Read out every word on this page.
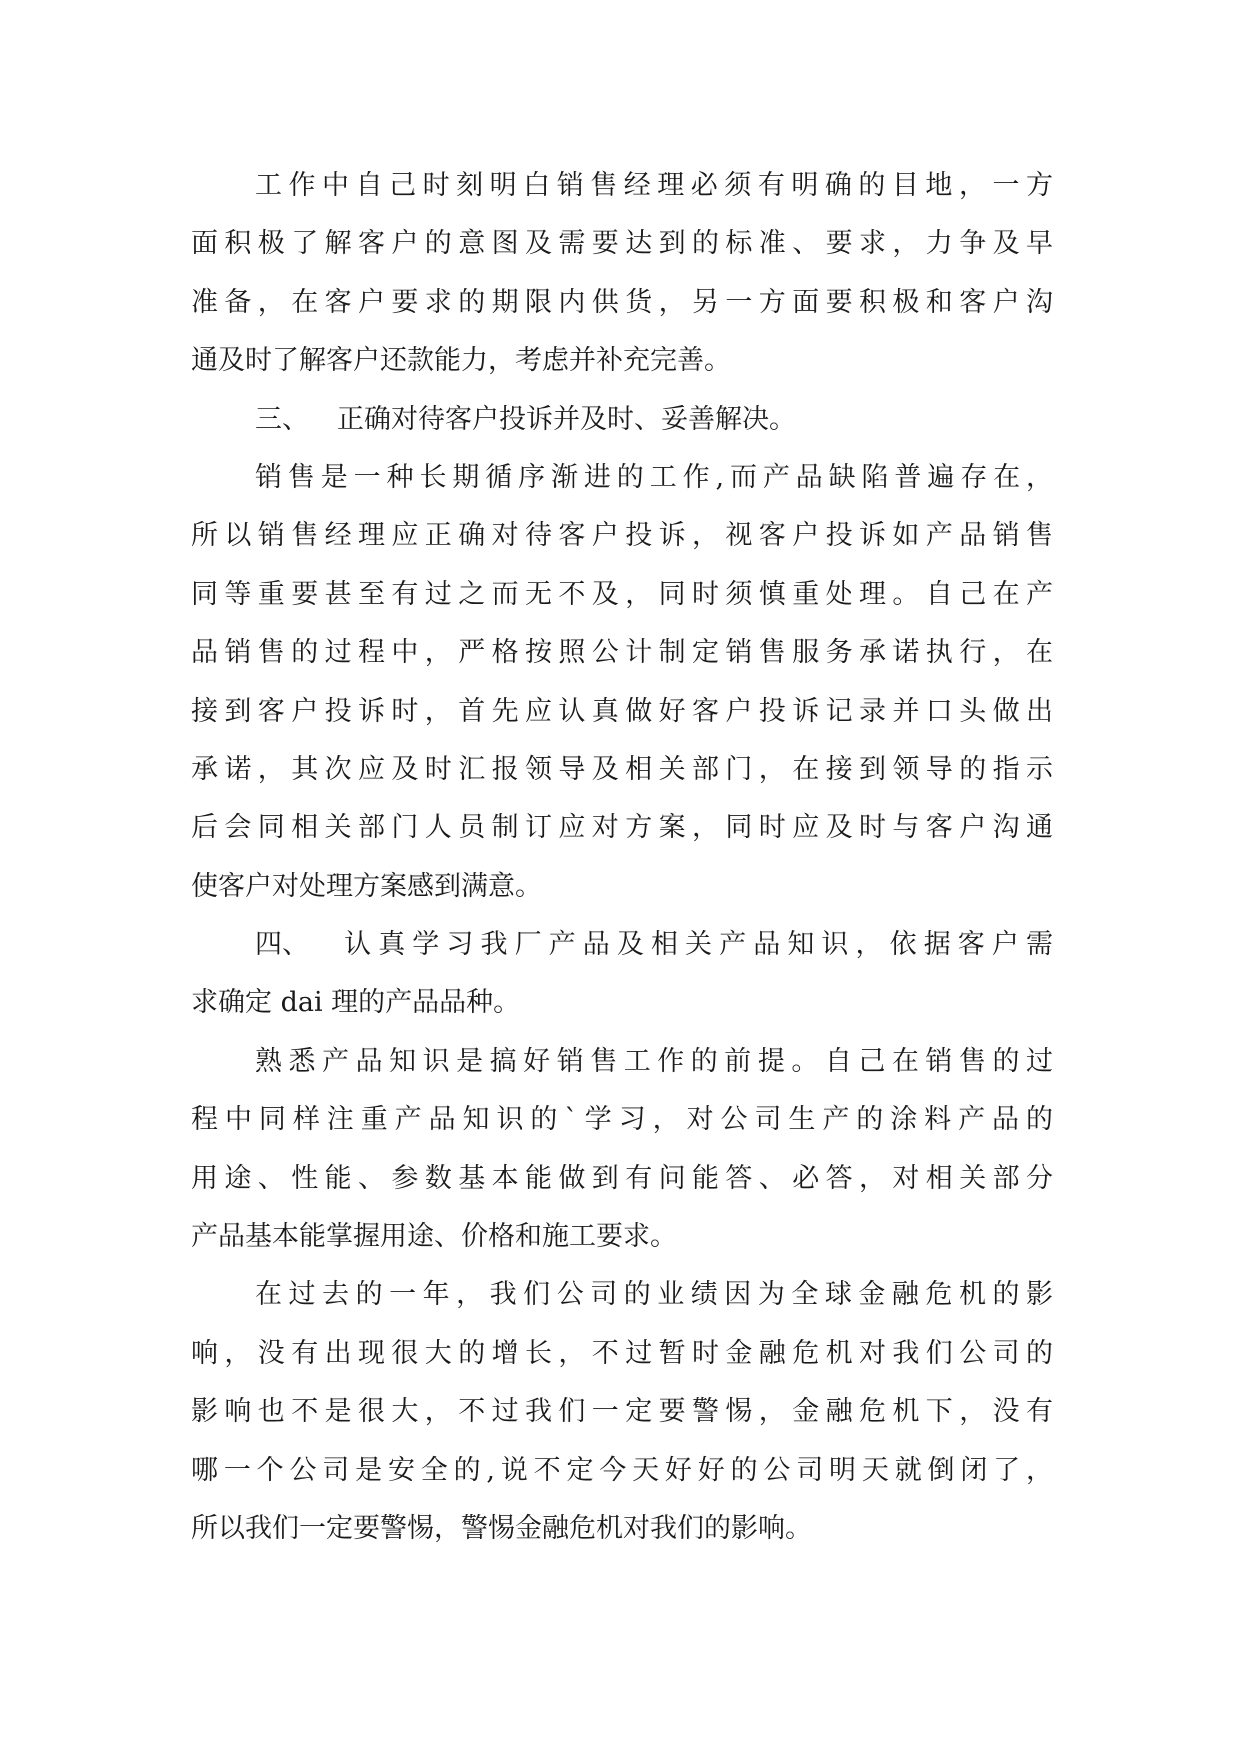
工作中自己时刻明白销售经理必须有明确的目地，一方
面积极了解客户的意图及需要达到的标准、要求，力争及早
准备，在客户要求的期限内供货，另一方面要积极和客户沟
通及时了解客户还款能力，考虑并补充完善。
三、 正确对待客户投诉并及时、妥善解决。
销售是一种长期循序渐进的工作,而产品缺陷普遍存在，
所以销售经理应正确对待客户投诉，视客户投诉如产品销售
同等重要甚至有过之而无不及，同时须慎重处理。自己在产
品销售的过程中，严格按照公计制定销售服务承诺执行，在
接到客户投诉时，首先应认真做好客户投诉记录并口头做出
承诺，其次应及时汇报领导及相关部门，在接到领导的指示
后会同相关部门人员制订应对方案，同时应及时与客户沟通
使客户对处理方案感到满意。
四、 认真学习我厂产品及相关产品知识，依据客户需
求确定 dai 理的产品品种。
熟悉产品知识是搞好销售工作的前提。自己在销售的过
程中同样注重产品知识的`学习，对公司生产的涂料产品的
用途、性能、参数基本能做到有问能答、必答，对相关部分
产品基本能掌握用途、价格和施工要求。
在过去的一年，我们公司的业绩因为全球金融危机的影
响，没有出现很大的增长，不过暂时金融危机对我们公司的
影响也不是很大，不过我们一定要警惕，金融危机下，没有
哪一个公司是安全的,说不定今天好好的公司明天就倒闭了，
所以我们一定要警惕，警惕金融危机对我们的影响。
